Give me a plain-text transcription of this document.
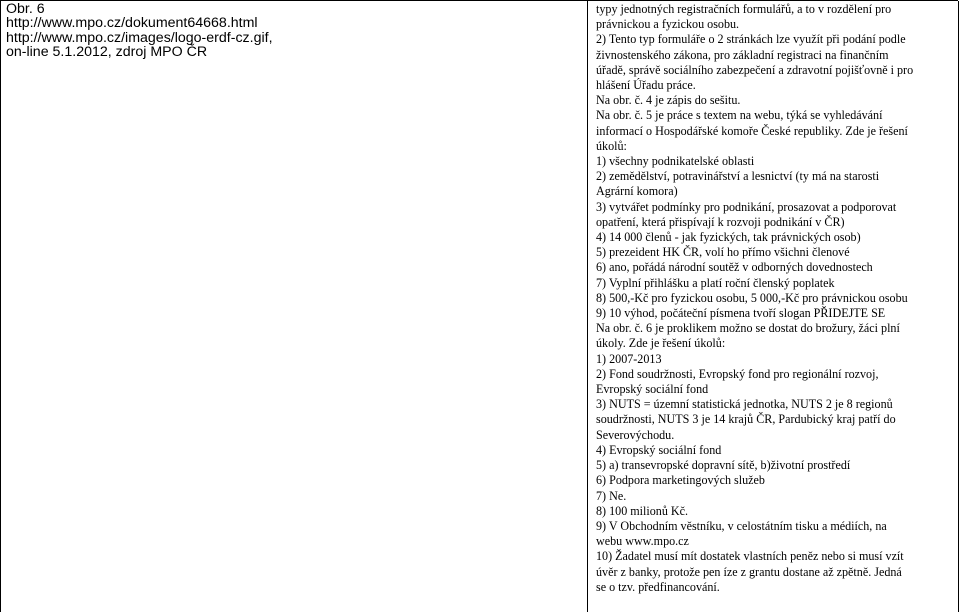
Obr. 6
http://www.mpo.cz/dokument64668.html
http://www.mpo.cz/images/logo-erdf-cz.gif,
on-line 5.1.2012, zdroj MPO ČR
typy jednotných registračních formulářů, a to v rozdělení pro
právnickou a fyzickou osobu.
2) Tento typ formuláře o 2 stránkách lze využít při podání podle
živnostenského zákona, pro základní registraci na finančním
úřadě, správě sociálního zabezpečení a zdravotní pojišťovně i pro
hlášení Úřadu práce.
Na obr. č. 4 je zápis do sešitu.
Na obr. č. 5 je práce s textem na webu, týká se vyhledávání
informací o Hospodářské komoře České republiky. Zde je řešení
úkolů:
1) všechny podnikatelské oblasti
2) zemědělství, potravinářství a lesnictví (ty má na starosti
Agrární komora)
3) vytvářet podmínky pro podnikání, prosazovat a podporovat
opatření, která přispívají k rozvoji podnikání v ČR)
4) 14 000 členů - jak fyzických, tak právnických osob)
5) prezeident HK ČR, volí ho přímo všichni členové
6) ano, pořádá národní soutěž v odborných dovednostech
7) Vyplní přihlášku a platí roční členský poplatek
8) 500,-Kč pro fyzickou osobu, 5 000,-Kč pro právnickou osobu
9) 10 výhod, počáteční písmena tvoří slogan PŘIDEJTE SE
Na obr. č. 6 je proklikem možno se dostat do brožury, žáci plní
úkoly. Zde je řešení úkolů:
1) 2007-2013
2) Fond soudržnosti, Evropský fond pro regionální rozvoj,
Evropský sociální fond
3) NUTS = územní statistická jednotka, NUTS 2 je 8 regionů
soudržnosti, NUTS 3 je 14 krajů ČR, Pardubický kraj patří do
Severovýchodu.
4) Evropský sociální fond
5) a) transevropské dopravní sítě, b)životní prostředí
6) Podpora marketingových služeb
7) Ne.
8) 100 milionů Kč.
9) V Obchodním věstníku, v celostátním tisku a médiích, na
webu www.mpo.cz
10) Žadatel musí mít dostatek vlastních peněz nebo si musí vzít
úvěr z banky, protože pen íze z grantu dostane až zpětně. Jedná
se o tzv. předfinancování.
